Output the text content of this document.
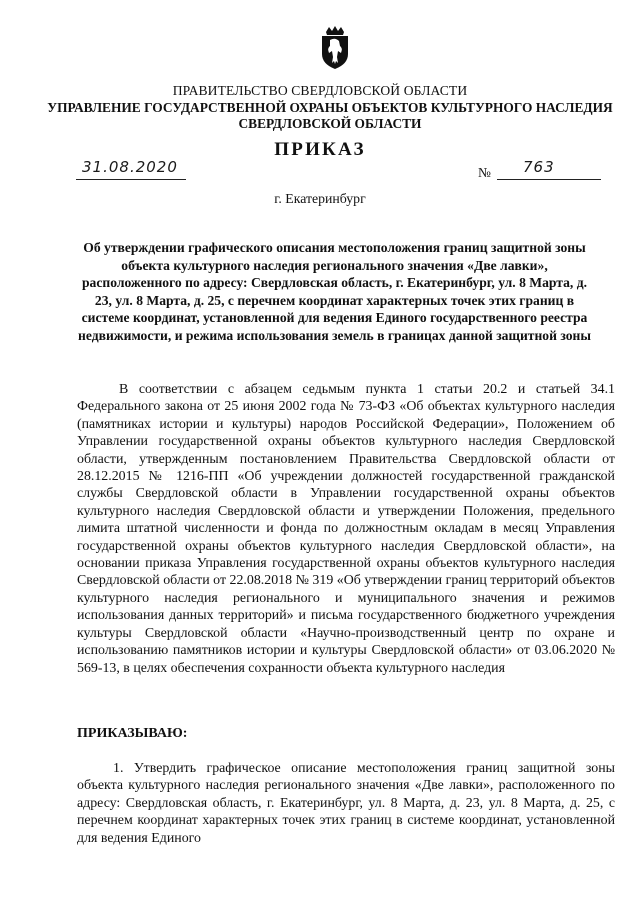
ПРАВИТЕЛЬСТВО СВЕРДЛОВСКОЙ ОБЛАСТИ
УПРАВЛЕНИЕ ГОСУДАРСТВЕННОЙ ОХРАНЫ ОБЪЕКТОВ КУЛЬТУРНОГО НАСЛЕДИЯ СВЕРДЛОВСКОЙ ОБЛАСТИ
ПРИКАЗ
31.08.2020	№ 763
г. Екатеринбург
Об утверждении графического описания местоположения границ защитной зоны объекта культурного наследия регионального значения «Две лавки», расположенного по адресу: Свердловская область, г. Екатеринбург, ул. 8 Марта, д. 23, ул. 8 Марта, д. 25, с перечнем координат характерных точек этих границ в системе координат, установленной для ведения Единого государственного реестра недвижимости, и режима использования земель в границах данной защитной зоны
В соответствии с абзацем седьмым пункта 1 статьи 20.2 и статьей 34.1 Федерального закона от 25 июня 2002 года № 73-ФЗ «Об объектах культурного наследия (памятниках истории и культуры) народов Российской Федерации», Положением об Управлении государственной охраны объектов культурного наследия Свердловской области, утвержденным постановлением Правительства Свердловской области от 28.12.2015 № 1216-ПП «Об учреждении должностей государственной гражданской службы Свердловской области в Управлении государственной охраны объектов культурного наследия Свердловской области и утверждении Положения, предельного лимита штатной численности и фонда по должностным окладам в месяц Управления государственной охраны объектов культурного наследия Свердловской области», на основании приказа Управления государственной охраны объектов культурного наследия Свердловской области от 22.08.2018 № 319 «Об утверждении границ территорий объектов культурного наследия регионального и муниципального значения и режимов использования данных территорий» и письма государственного бюджетного учреждения культуры Свердловской области «Научно-производственный центр по охране и использованию памятников истории и культуры Свердловской области» от 03.06.2020 № 569-13, в целях обеспечения сохранности объекта культурного наследия
ПРИКАЗЫВАЮ:
1. Утвердить графическое описание местоположения границ защитной зоны объекта культурного наследия регионального значения «Две лавки», расположенного по адресу: Свердловская область, г. Екатеринбург, ул. 8 Марта, д. 23, ул. 8 Марта, д. 25, с перечнем координат характерных точек этих границ в системе координат, установленной для ведения Единого
